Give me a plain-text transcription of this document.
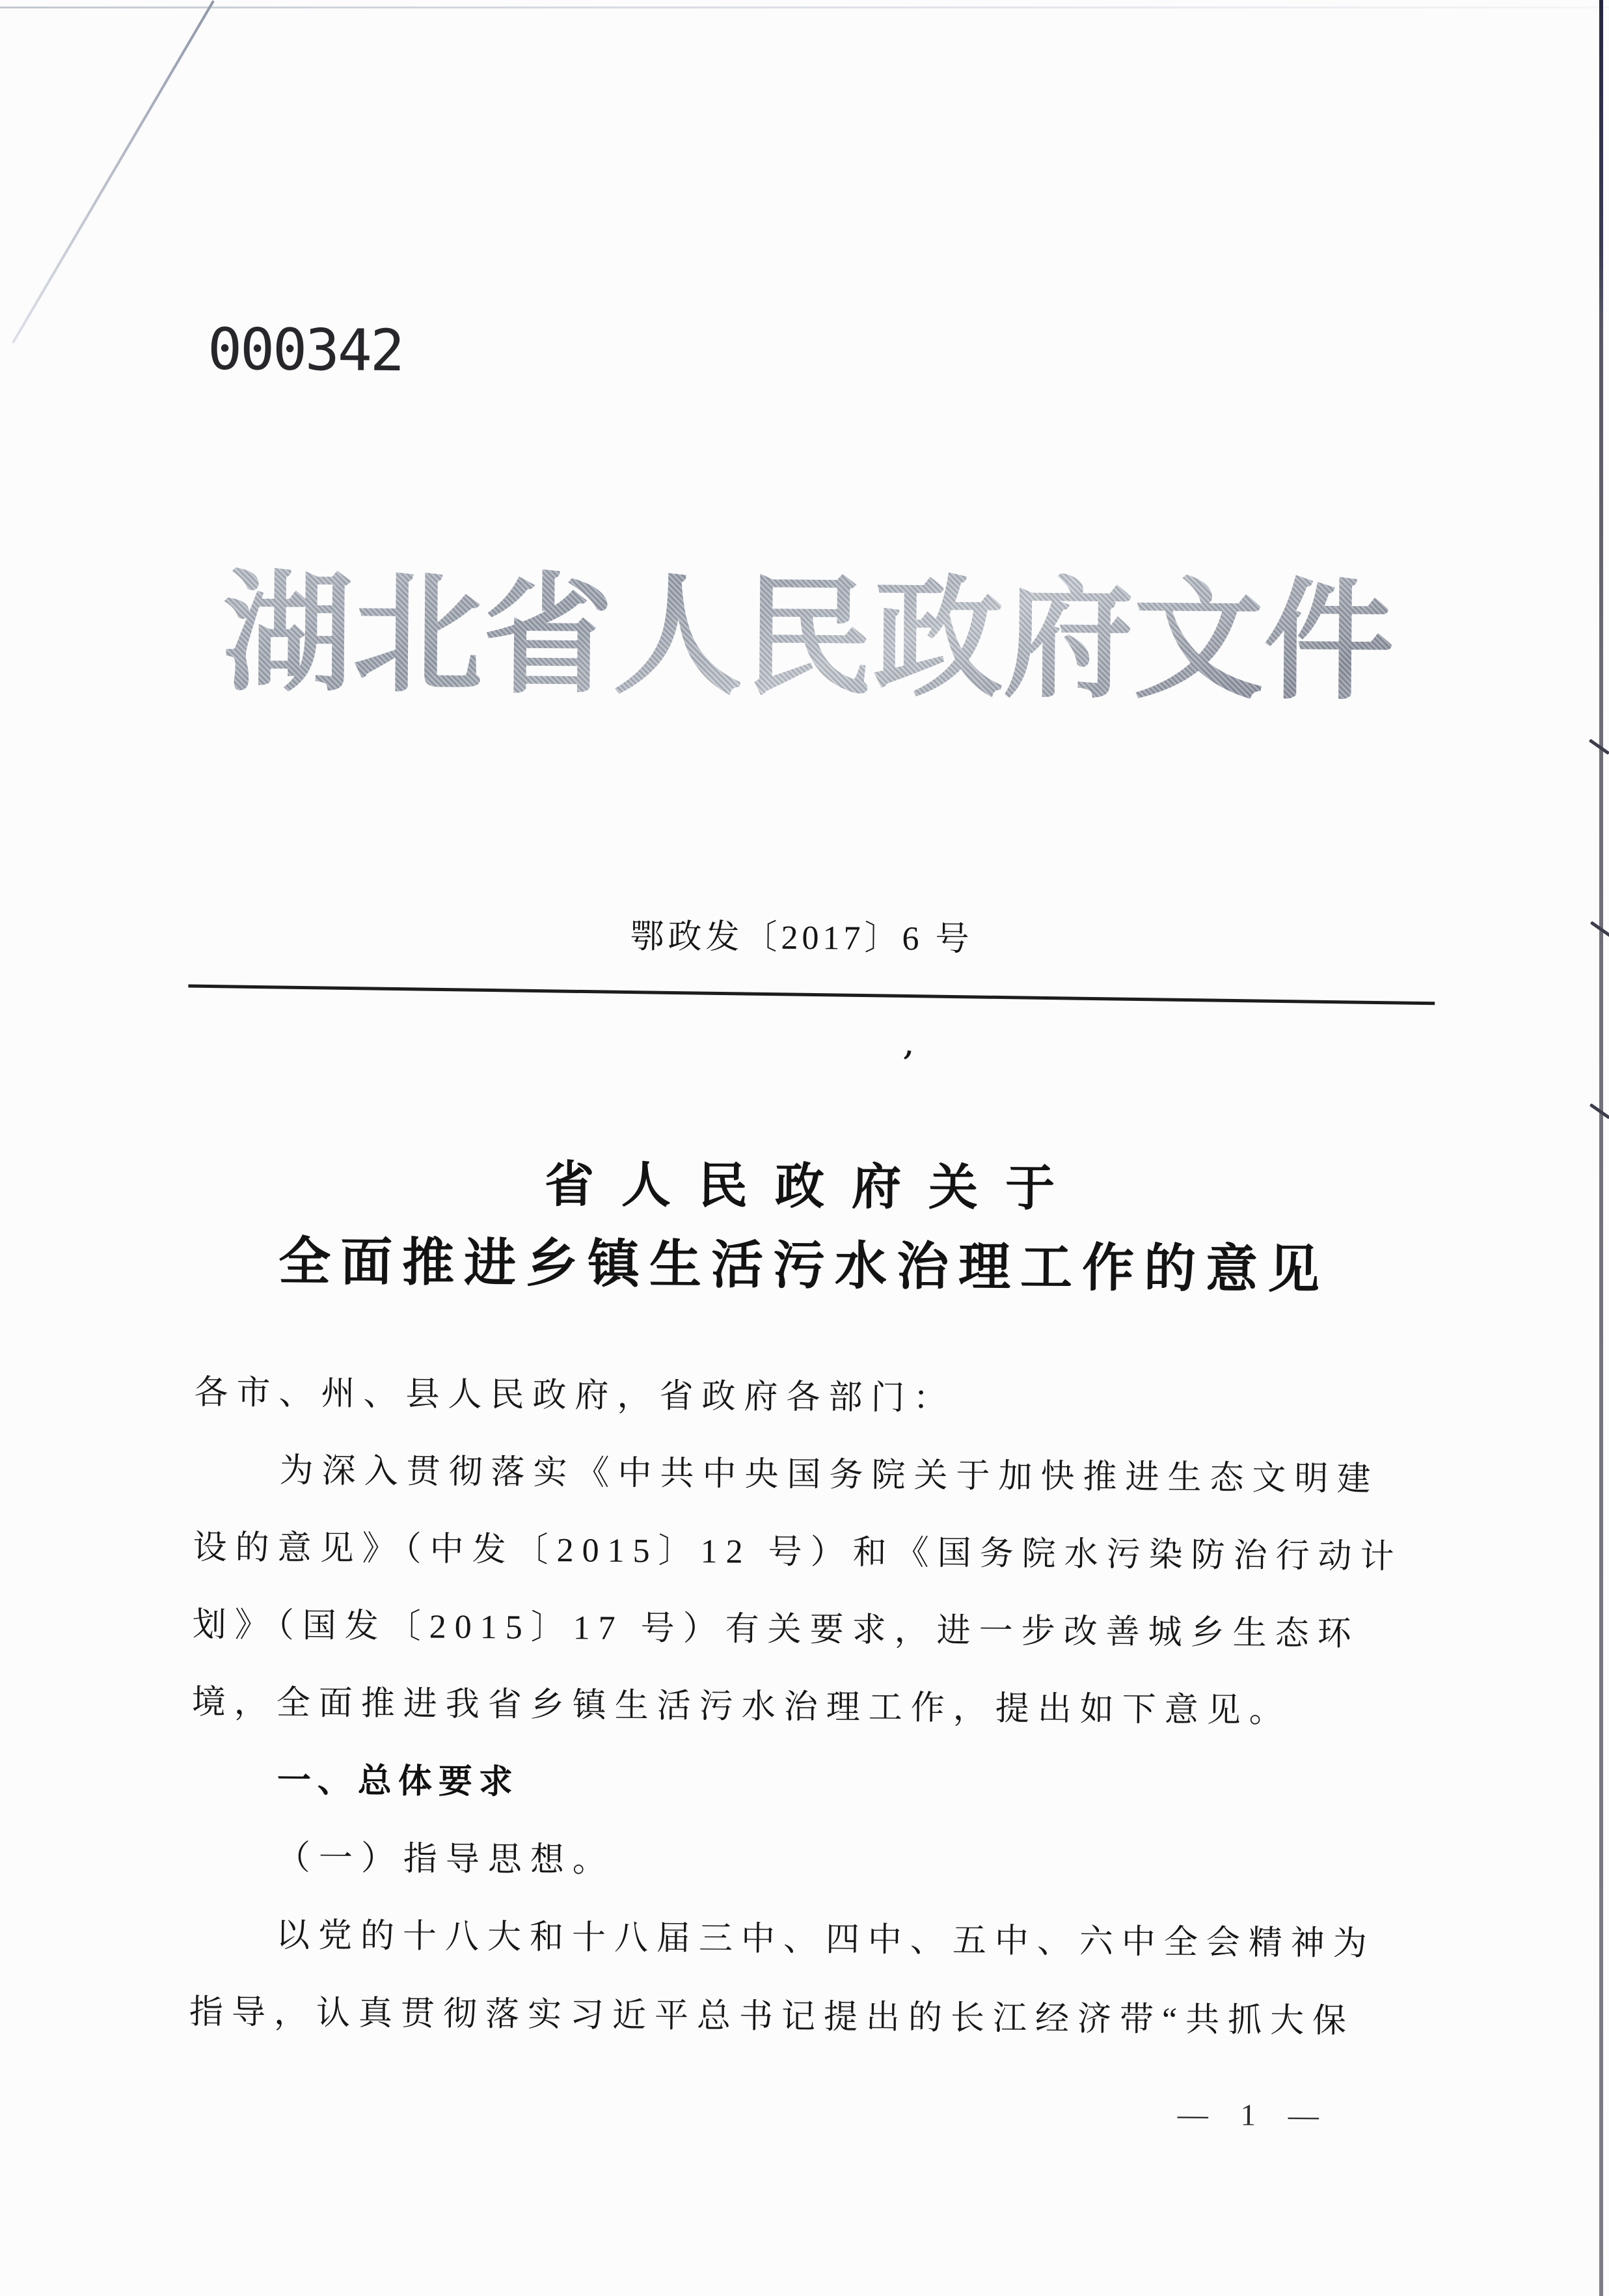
000342
湖北省人民政府文件
鄂政发〔2017〕6 号
’
省人民政府关于
全面推进乡镇生活污水治理工作的意见

各市、州、县人民政府，省政府各部门：

为深入贯彻落实《中共中央国务院关于加快推进生态文明建

设的意见》（中发〔2015〕12 号）和《国务院水污染防治行动计

划》（国发〔2015〕17 号）有关要求，进一步改善城乡生态环

境，全面推进我省乡镇生活污水治理工作，提出如下意见。

一、总体要求

（一）指导思想。

以党的十八大和十八届三中、四中、五中、六中全会精神为

指导，认真贯彻落实习近平总书记提出的长江经济带“共抓大保

— 1 —
